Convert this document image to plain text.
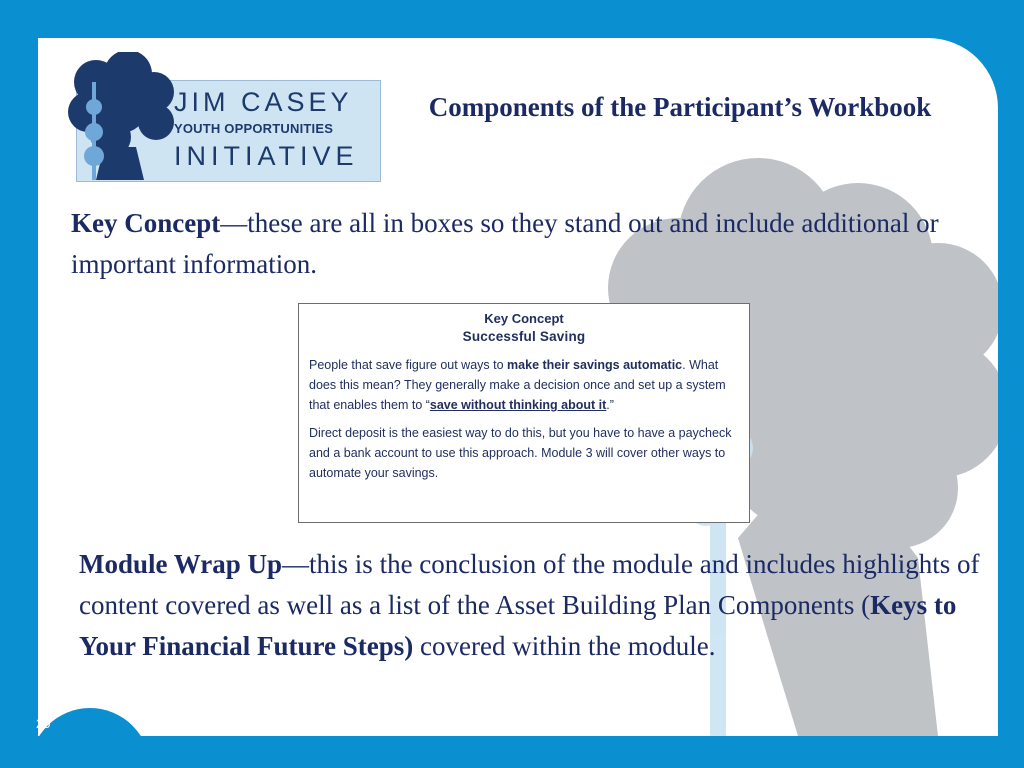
JIM CASEY
YOUTH OPPORTUNITIES
INITIATIVE
Components of the Participant’s Workbook

Key Concept—these are all in boxes so they stand out and include additional or important information.

Key Concept
Successful Saving

People that save figure out ways to make their savings automatic. What does this mean? They generally make a decision once and set up a system that enables them to “save without thinking about it.”

Direct deposit is the easiest way to do this, but you have to have a paycheck and a bank account to use this approach. Module 3 will cover other ways to automate your savings.

Module Wrap Up—this is the conclusion of the module and includes highlights of content covered as well as a list of the Asset Building Plan Components (Keys to Your Financial Future Steps) covered within the module.

20
